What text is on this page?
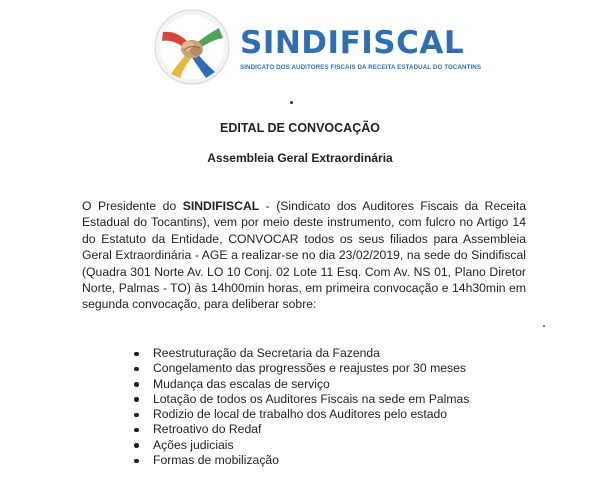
SINDIFISCAL
SINDICATO DOS AUDITORES FISCAIS DA RECEITA ESTADUAL DO TOCANTINS
EDITAL DE CONVOCAÇÃO
Assembleia Geral Extraordinária
O Presidente do SINDIFISCAL - (Sindicato dos Auditores Fiscais da Receita Estadual do Tocantins), vem por meio deste instrumento, com fulcro no Artigo 14 do Estatuto da Entidade, CONVOCAR todos os seus filiados para Assembleia Geral Extraordinária - AGE a realizar-se no dia 23/02/2019, na sede do Sindifiscal (Quadra 301 Norte Av. LO 10 Conj. 02 Lote 11 Esq. Com Av. NS 01, Plano Diretor Norte, Palmas - TO) às 14h00min horas, em primeira convocação e 14h30min em segunda convocação, para deliberar sobre:
Reestruturação da Secretaria da Fazenda
Congelamento das progressões e reajustes por 30 meses
Mudança das escalas de serviço
Lotação de todos os Auditores Fiscais na sede em Palmas
Rodizio de local de trabalho dos Auditores pelo estado
Retroativo do Redaf
Ações judiciais
Formas de mobilização
